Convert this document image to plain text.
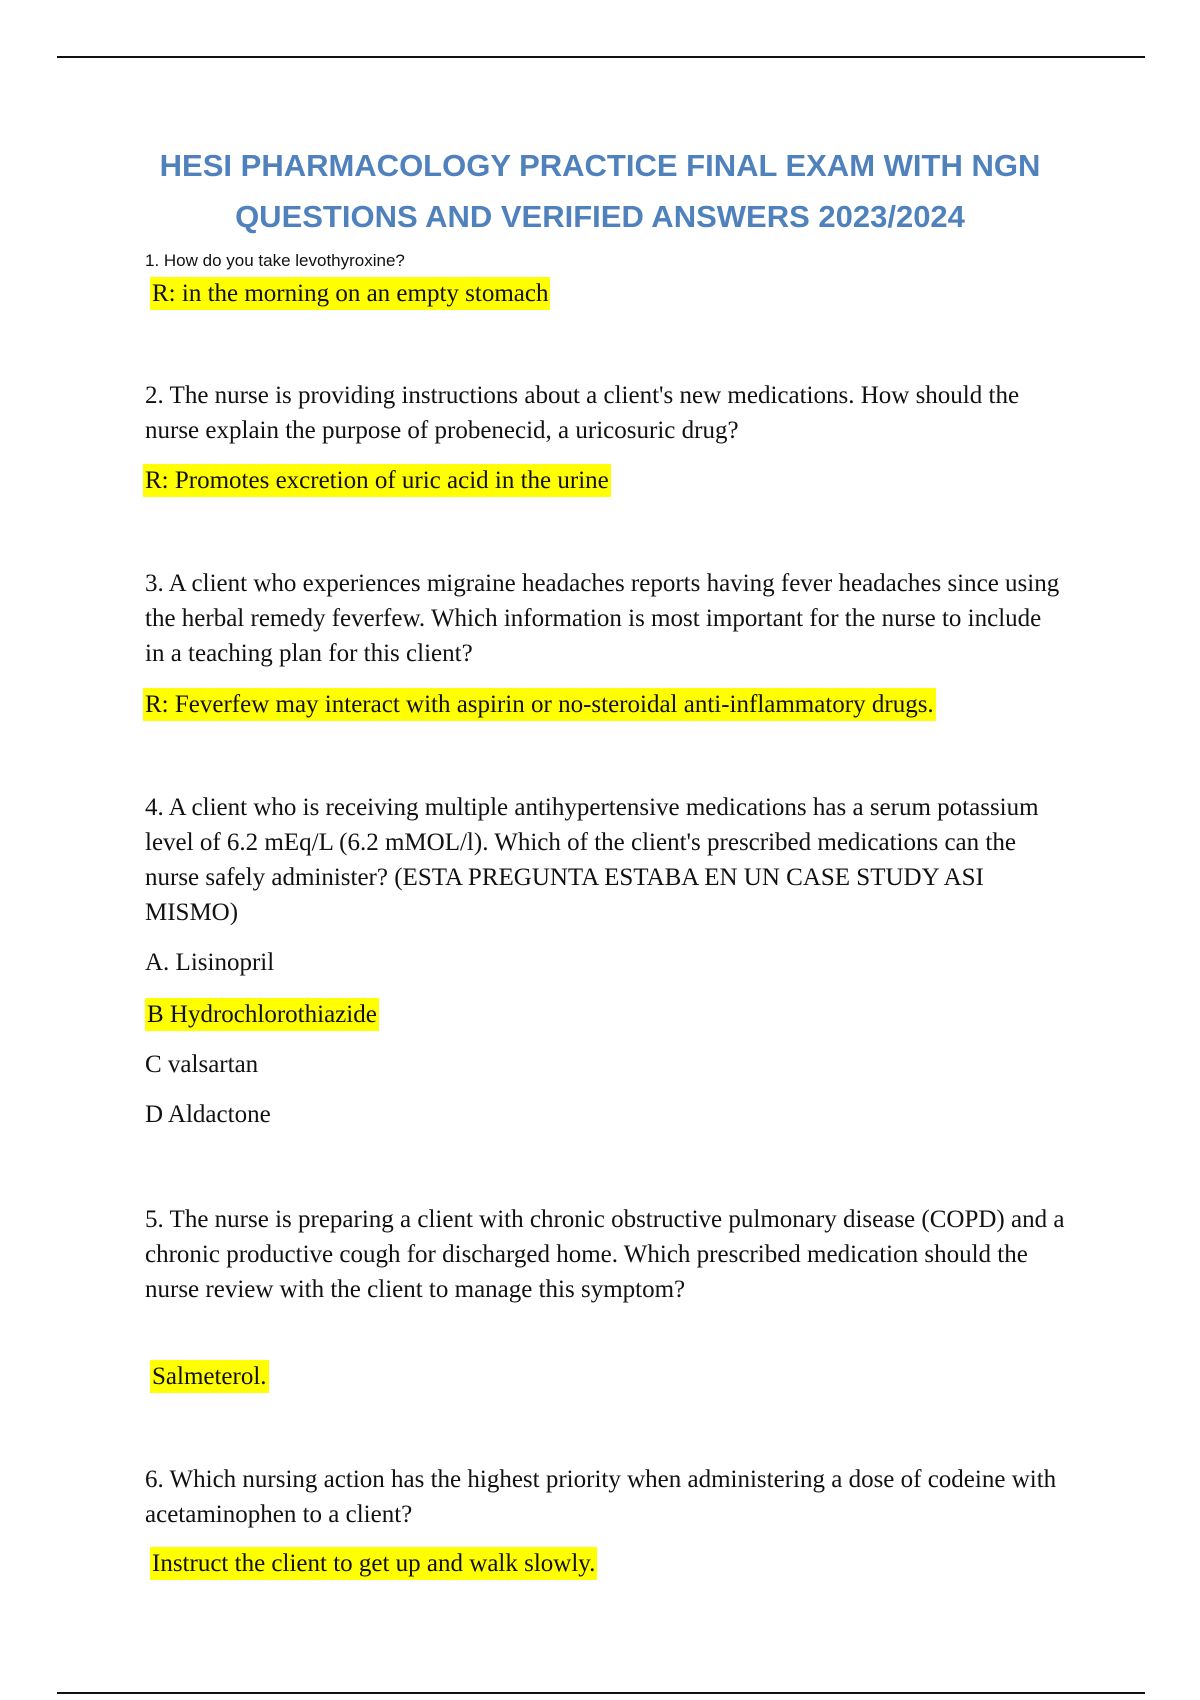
HESI PHARMACOLOGY PRACTICE FINAL EXAM WITH NGN
QUESTIONS AND VERIFIED ANSWERS 2023/2024
1. How do you take levothyroxine?
R: in the morning on an empty stomach
2. The nurse is providing instructions about a client's new medications. How should the nurse explain the purpose of probenecid, a uricosuric drug?
R: Promotes excretion of uric acid in the urine
3. A client who experiences migraine headaches reports having fever headaches since using the herbal remedy feverfew. Which information is most important for the nurse to include in a teaching plan for this client?
R: Feverfew may interact with aspirin or no-steroidal anti-inflammatory drugs.
4. A client who is receiving multiple antihypertensive medications has a serum potassium level of 6.2 mEq/L (6.2 mMOL/l). Which of the client's prescribed medications can the nurse safely administer? (ESTA PREGUNTA ESTABA EN UN CASE STUDY ASI MISMO)
A. Lisinopril
B Hydrochlorothiazide
C valsartan
D Aldactone
5. The nurse is preparing a client with chronic obstructive pulmonary disease (COPD) and a chronic productive cough for discharged home. Which prescribed medication should the nurse review with the client to manage this symptom?
Salmeterol.
6. Which nursing action has the highest priority when administering a dose of codeine with acetaminophen to a client?
Instruct the client to get up and walk slowly.
